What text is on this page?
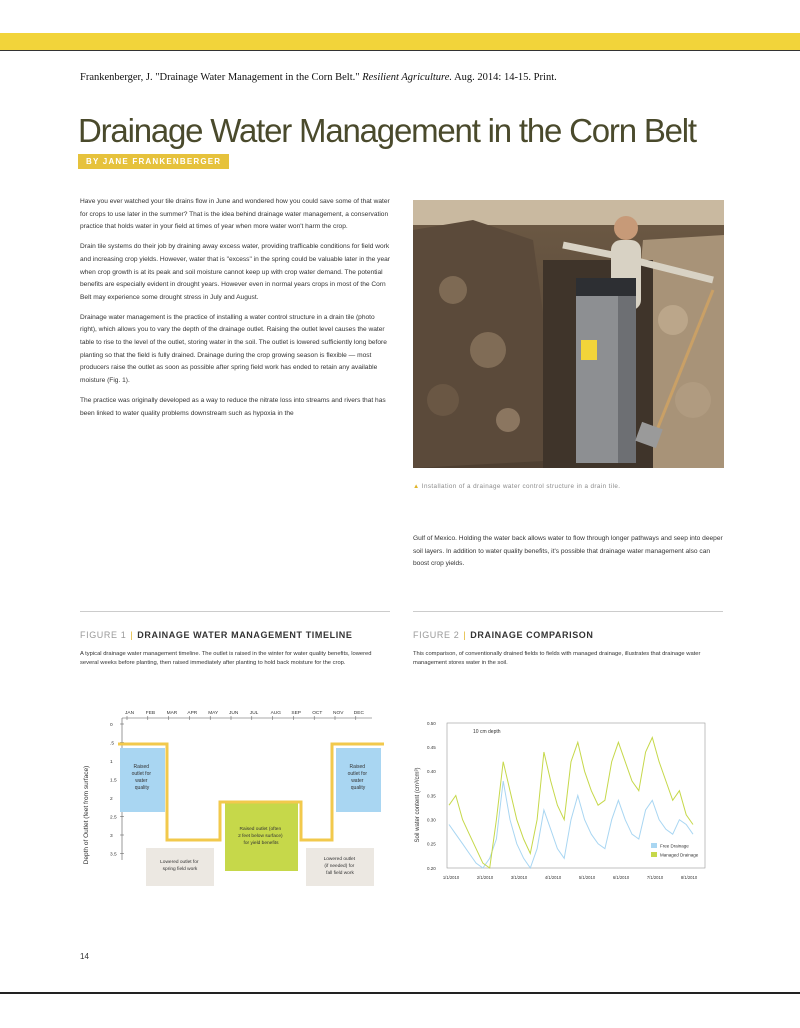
Frankenberger, J. "Drainage Water Management in the Corn Belt." Resilient Agriculture. Aug. 2014: 14-15. Print.
Drainage Water Management in the Corn Belt
BY JANE FRANKENBERGER

Have you ever watched your tile drains flow in June and wondered how you could save some of that water for crops to use later in the summer? That is the idea behind drainage water management, a conservation practice that holds water in your field at times of year when more water won't harm the crop.

Drain tile systems do their job by draining away excess water, providing trafficable conditions for field work and increasing crop yields. However, water that is "excess" in the spring could be valuable later in the year when crop growth is at its peak and soil moisture cannot keep up with crop water demand. The potential benefits are especially evident in drought years. However even in normal years crops in most of the Corn Belt may experience some drought stress in July and August.

Drainage water management is the practice of installing a water control structure in a drain tile (photo right), which allows you to vary the depth of the drainage outlet. Raising the outlet level causes the water table to rise to the level of the outlet, storing water in the soil. The outlet is lowered sufficiently long before planting so that the field is fully drained. Drainage during the crop growing season is flexible — most producers raise the outlet as soon as possible after spring field work has ended to retain any available moisture (Fig. 1).

The practice was originally developed as a way to reduce the nitrate loss into streams and rivers that has been linked to water quality problems downstream such as hypoxia in the

▲ Installation of a drainage water control structure in a drain tile.

Gulf of Mexico. Holding the water back allows water to flow through longer pathways and seep into deeper soil layers. In addition to water quality benefits, it's possible that drainage water management also can boost crop yields.

FIGURE 1 | DRAINAGE WATER MANAGEMENT TIMELINE
A typical drainage water management timeline. The outlet is raised in the winter for water quality benefits, lowered several weeks before planting, then raised immediately after planting to hold back moisture for the crop.
Depth of Outlet (feet from surface)
JAN FEB MAR APR MAY JUN JUL	AUG SEP OCT NOV DEC
0
.5
1
1.5
2
2.5
3
3.5
Raised outlet for water quality
Raised outlet for water quality
Raised outlet (often 2 feet below surface) for yield benefits
Lowered outlet for spring field work
Lowered outlet (if needed) for fall field work
FIGURE 2 | DRAINAGE COMPARISON
This comparison, of conventionally drained fields to fields with managed drainage, illustrates that drainage water management stores water in the soil.
Soil water content (cm³/cm³)
10 cm depth
0.50
0.45
0.40
0.35
0.30
0.25
0.20
1/1/2010	2/1/2010	3/1/2010	4/1/2010	5/1/2010	6/1/2010	7/1/2010	8/1/2010
Free Drainage
Managed Drainage
14
